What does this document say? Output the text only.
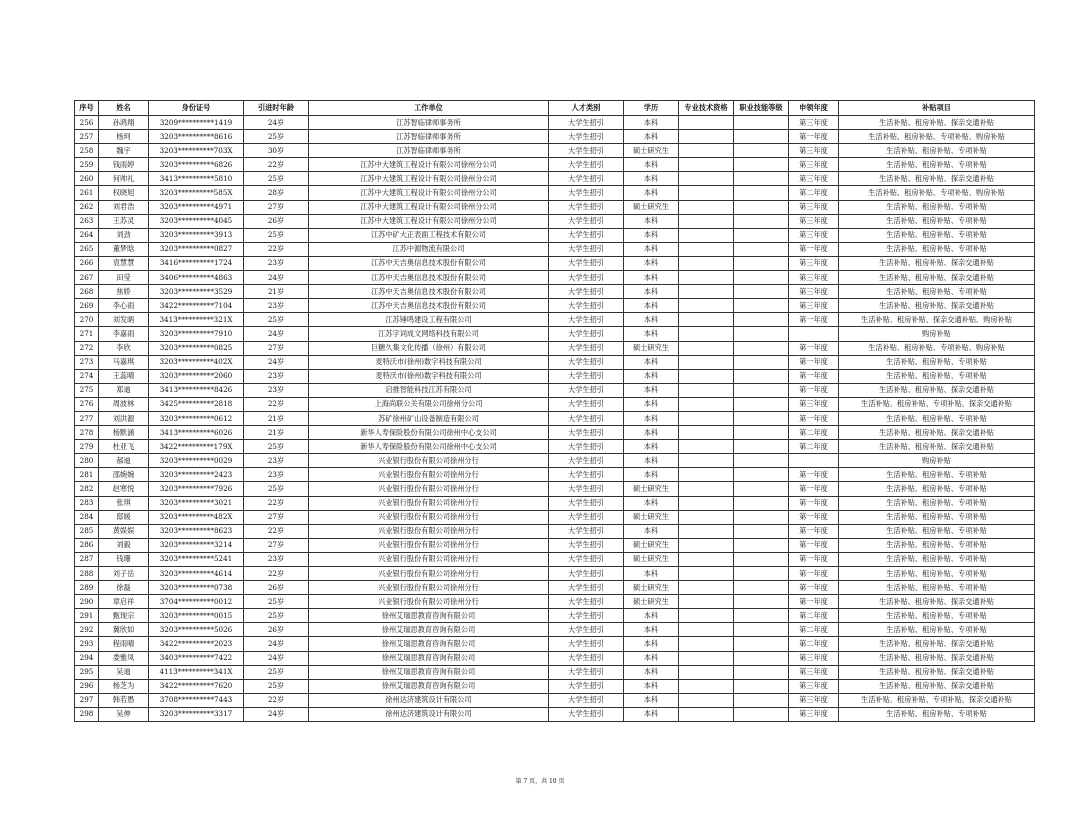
序号	姓名	身份证号	引进时年龄	工作单位	人才类别	学历	专业技术资格	职业技能等级	申领年度	补贴项目
256	孙鸿翔	3209**********1419	24岁	江苏智临律师事务所	大学生招引	本科			第三年度	生活补贴、租房补贴、探亲交通补贴
257	杨珂	3203**********8616	25岁	江苏智临律师事务所	大学生招引	本科			第一年度	生活补贴、租房补贴、专项补贴、购房补贴
258	魏宇	3203**********703X	30岁	江苏智临律师事务所	大学生招引	硕士研究生			第三年度	生活补贴、租房补贴、专项补贴
259	钱雨婷	3203**********6826	22岁	江苏中大建筑工程设计有限公司徐州分公司	大学生招引	本科			第三年度	生活补贴、租房补贴、专项补贴
260	何帅礼	3413**********5810	25岁	江苏中大建筑工程设计有限公司徐州分公司	大学生招引	本科			第三年度	生活补贴、租房补贴、探亲交通补贴
261	权晓旭	3203**********585X	28岁	江苏中大建筑工程设计有限公司徐州分公司	大学生招引	本科			第二年度	生活补贴、租房补贴、专项补贴、购房补贴
262	刘君浩	3203**********4971	27岁	江苏中大建筑工程设计有限公司徐州分公司	大学生招引	硕士研究生			第三年度	生活补贴、租房补贴、专项补贴
263	王苏灵	3203**********4045	26岁	江苏中大建筑工程设计有限公司徐州分公司	大学生招引	本科			第三年度	生活补贴、租房补贴、专项补贴
264	刘劲	3203**********3913	25岁	江苏中矿大正表面工程技术有限公司	大学生招引	本科			第三年度	生活补贴、租房补贴、专项补贴
265	董梦晗	3203**********0827	22岁	江苏中源物流有限公司	大学生招引	本科			第一年度	生活补贴、租房补贴、专项补贴
266	袁慧慧	3416**********1724	23岁	江苏中天吉奥信息技术股份有限公司	大学生招引	本科			第三年度	生活补贴、租房补贴、探亲交通补贴
267	田莹	3406**********4863	24岁	江苏中天吉奥信息技术股份有限公司	大学生招引	本科			第三年度	生活补贴、租房补贴、探亲交通补贴
268	焦娇	3203**********3529	21岁	江苏中天吉奥信息技术股份有限公司	大学生招引	本科			第三年度	生活补贴、租房补贴、专项补贴
269	李心雨	3422**********7104	23岁	江苏中天吉奥信息技术股份有限公司	大学生招引	本科			第三年度	生活补贴、租房补贴、探亲交通补贴
270	刘发昞	3413**********321X	25岁	江苏锤鸣建设工程有限公司	大学生招引	本科			第一年度	生活补贴、租房补贴、探亲交通补贴、购房补贴
271	李嘉雨	3203**********7910	24岁	江苏字词成文网络科技有限公司	大学生招引	本科				购房补贴
272	李欣	3203**********0825	27岁	巨糖久集文化传播（徐州）有限公司	大学生招引	硕士研究生			第一年度	生活补贴、租房补贴、专项补贴、购房补贴
273	马嘉琪	3203**********402X	24岁	麦特沃市(徐州)数字科技有限公司	大学生招引	本科			第一年度	生活补贴、租房补贴、专项补贴
274	王蕊晴	3203**********2060	23岁	麦特沃市(徐州)数字科技有限公司	大学生招引	本科			第一年度	生活补贴、租房补贴、专项补贴
275	郑迪	3413**********8426	23岁	启推智能科技江苏有限公司	大学生招引	本科			第一年度	生活补贴、租房补贴、探亲交通补贴
276	周波林	3425**********2818	22岁	上海尚联公关有限公司徐州分公司	大学生招引	本科			第三年度	生活补贴、租房补贴、专项补贴、探亲交通补贴
277	刘洪源	3203**********0612	21岁	苏矿徐州矿山设备制造有限公司	大学生招引	本科			第一年度	生活补贴、租房补贴、专项补贴
278	杨默涵	3413**********6026	21岁	新华人寿保险股份有限公司徐州中心支公司	大学生招引	本科			第二年度	生活补贴、租房补贴、探亲交通补贴
279	杜亚飞	3422**********179X	25岁	新华人寿保险股份有限公司徐州中心支公司	大学生招引	本科			第二年度	生活补贴、租房补贴、探亲交通补贴
280	郝迪	3203**********0029	23岁	兴业银行股份有限公司徐州分行	大学生招引	本科				购房补贴
281	邵婉婉	3203**********2423	23岁	兴业银行股份有限公司徐州分行	大学生招引	本科			第一年度	生活补贴、租房补贴、专项补贴
282	赵寒悦	3203**********7926	25岁	兴业银行股份有限公司徐州分行	大学生招引	硕士研究生			第一年度	生活补贴、租房补贴、专项补贴
283	张琪	3203**********3021	22岁	兴业银行股份有限公司徐州分行	大学生招引	本科			第一年度	生活补贴、租房补贴、专项补贴
284	邸媛	3203**********482X	27岁	兴业银行股份有限公司徐州分行	大学生招引	硕士研究生			第一年度	生活补贴、租房补贴、专项补贴
285	黄娱娱	3203**********8623	22岁	兴业银行股份有限公司徐州分行	大学生招引	本科			第一年度	生活补贴、租房补贴、专项补贴
286	刘毅	3203**********3214	27岁	兴业银行股份有限公司徐州分行	大学生招引	硕士研究生			第一年度	生活补贴、租房补贴、专项补贴
287	钱珊	3203**********5241	23岁	兴业银行股份有限公司徐州分行	大学生招引	硕士研究生			第一年度	生活补贴、租房补贴、专项补贴
288	刘子岳	3203**********4614	22岁	兴业银行股份有限公司徐州分行	大学生招引	本科			第一年度	生活补贴、租房补贴、专项补贴
289	徐磊	3203**********0738	26岁	兴业银行股份有限公司徐州分行	大学生招引	硕士研究生			第一年度	生活补贴、租房补贴、专项补贴
290	章启祥	3704**********0012	25岁	兴业银行股份有限公司徐州分行	大学生招引	硕士研究生			第一年度	生活补贴、租房补贴、探亲交通补贴
291	甄现宗	3203**********0015	25岁	徐州艾瑞思教育咨询有限公司	大学生招引	本科			第二年度	生活补贴、租房补贴、专项补贴
292	冀欣如	3203**********5026	26岁	徐州艾瑞思教育咨询有限公司	大学生招引	本科			第二年度	生活补贴、租房补贴、专项补贴
293	程雨晴	3422**********2023	24岁	徐州艾瑞思教育咨询有限公司	大学生招引	本科			第二年度	生活补贴、租房补贴、探亲交通补贴
294	娄雅凤	3403**********7422	24岁	徐州艾瑞思教育咨询有限公司	大学生招引	本科			第三年度	生活补贴、租房补贴、探亲交通补贴
295	吴迪	4113**********341X	25岁	徐州艾瑞思教育咨询有限公司	大学生招引	本科			第三年度	生活补贴、租房补贴、探亲交通补贴
296	杨芝为	3422**********7620	25岁	徐州艾瑞思教育咨询有限公司	大学生招引	本科			第三年度	生活补贴、租房补贴、探亲交通补贴
297	韩若愚	3708**********7443	22岁	徐州达济建筑设计有限公司	大学生招引	本科			第三年度	生活补贴、租房补贴、专项补贴、探亲交通补贴
298	吴伸	3203**********3317	24岁	徐州达济建筑设计有限公司	大学生招引	本科			第三年度	生活补贴、租房补贴、专项补贴
第 7 页，共 10 页
